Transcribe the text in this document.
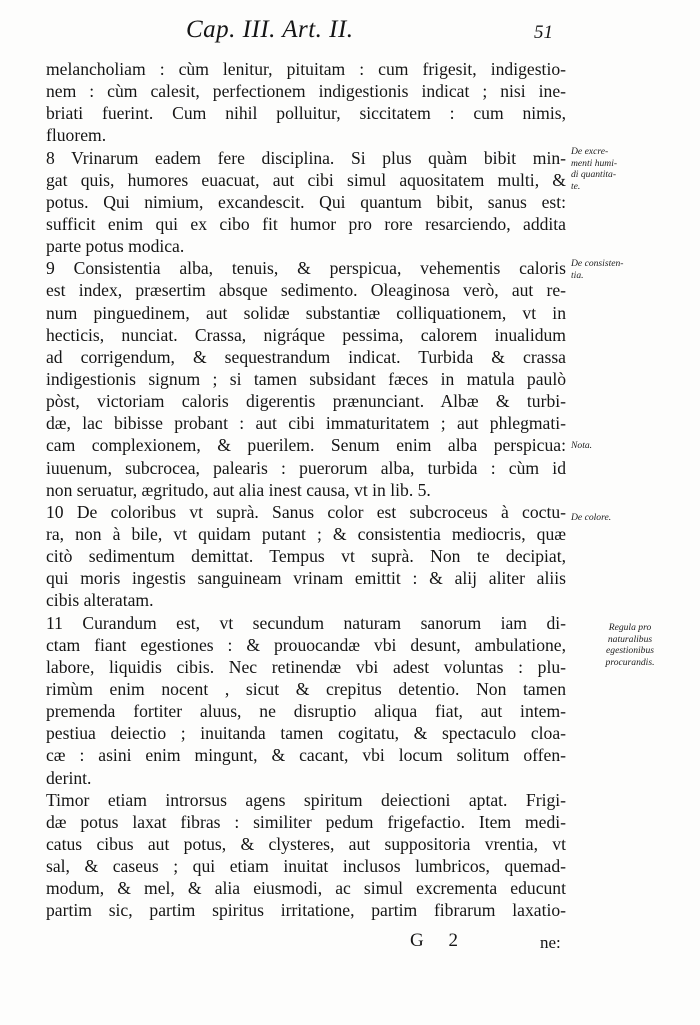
Cap. III. Art. II.	51
melancholiam : cùm lenitur, pituitam : cum frigesit, indigestio-
nem : cùm calesit, perfectionem indigestionis indicat ; nisi ine-
briati fuerint. Cum nihil polluitur, siccitatem : cum nimis,
fluorem.
8 Vrinarum eadem fere disciplina. Si plus quàm bibit min-
gat quis, humores euacuat, aut cibi simul aquositatem multi, &
potus. Qui nimium, excandescit. Qui quantum bibit, sanus est:
sufficit enim qui ex cibo fit humor pro rore resarciendo, addita
parte potus modica.
9 Consistentia alba, tenuis, & perspicua, vehementis caloris
est index, præsertim absque sedimento. Oleaginosa verò, aut re-
num pinguedinem, aut solidæ substantiæ colliquationem, vt in
hecticis, nunciat. Crassa, nigráque pessima, calorem inualidum
ad corrigendum, & sequestrandum indicat. Turbida & crassa
indigestionis signum ; si tamen subsidant fæces in matula paulò
pòst, victoriam caloris digerentis prænunciant. Albæ & turbi-
dæ, lac bibisse probant : aut cibi immaturitatem ; aut phlegmati-
cam complexionem, & puerilem. Senum enim alba perspicua:
iuuenum, subcrocea, palearis : puerorum alba, turbida : cùm id
non seruatur, ægritudo, aut alia inest causa, vt in lib. 5.
10 De coloribus vt suprà. Sanus color est subcroceus à coctu-
ra, non à bile, vt quidam putant ; & consistentia mediocris, quæ
citò sedimentum demittat. Tempus vt suprà. Non te decipiat,
qui moris ingestis sanguineam vrinam emittit : & alij aliter aliis
cibis alteratam.
11 Curandum est, vt secundum naturam sanorum iam di-
ctam fiant egestiones : & prouocandæ vbi desunt, ambulatione,
labore, liquidis cibis. Nec retinendæ vbi adest voluntas : plu-
rimùm enim nocent , sicut & crepitus detentio. Non tamen
premenda fortiter aluus, ne disruptio aliqua fiat, aut intem-
pestiua deiectio ; inuitanda tamen cogitatu, & spectaculo cloa-
cæ : asini enim mingunt, & cacant, vbi locum solitum offen-
derint.
Timor etiam introrsus agens spiritum deiectioni aptat. Frigi-
dæ potus laxat fibras : similiter pedum frigefactio. Item medi-
catus cibus aut potus, & clysteres, aut suppositoria vrentia, vt
sal, & caseus ; qui etiam inuitat inclusos lumbricos, quemad-
modum, & mel, & alia eiusmodi, ac simul excrementa educunt
partim sic, partim spiritus irritatione, partim fibrarum laxatio-
De excre-
menti humi-
di quantita-
te.
De consisten-
tia.
Nota.
De colore.
Regula pro
naturalibus
egestionibus
procurandis.
G 2	ne:
